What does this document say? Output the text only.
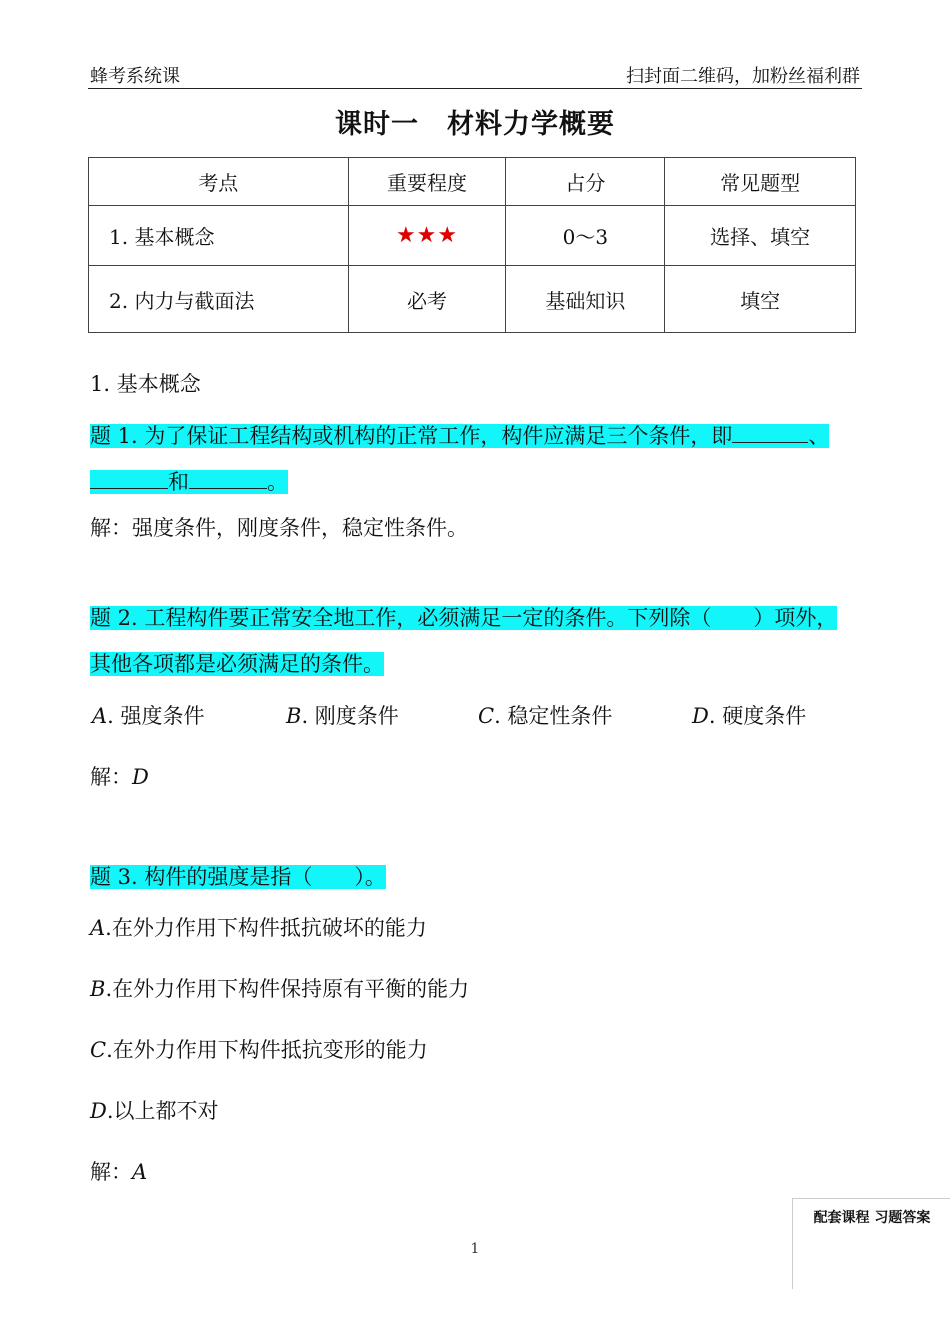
蜂考系统课	扫封面二维码，加粉丝福利群
课时一　材料力学概要
考点	重要程度	占分	常见题型
1. 基本概念	★★★	0～3	选择、填空
2. 内力与截面法	必考	基础知识	填空
1. 基本概念
题 1. 为了保证工程结构或机构的正常工作，构件应满足三个条件，即	、
和	。
解：强度条件，刚度条件，稳定性条件。
题 2. 工程构件要正常安全地工作，必须满足一定的条件。下列除（　　）项外，
其他各项都是必须满足的条件。
A. 强度条件	B. 刚度条件	C. 稳定性条件	D. 硬度条件
解：D
题 3. 构件的强度是指（　　）。
A.在外力作用下构件抵抗破坏的能力
B.在外力作用下构件保持原有平衡的能力
C.在外力作用下构件抵抗变形的能力
D.以上都不对
解：A
1
配套课程 习题答案
